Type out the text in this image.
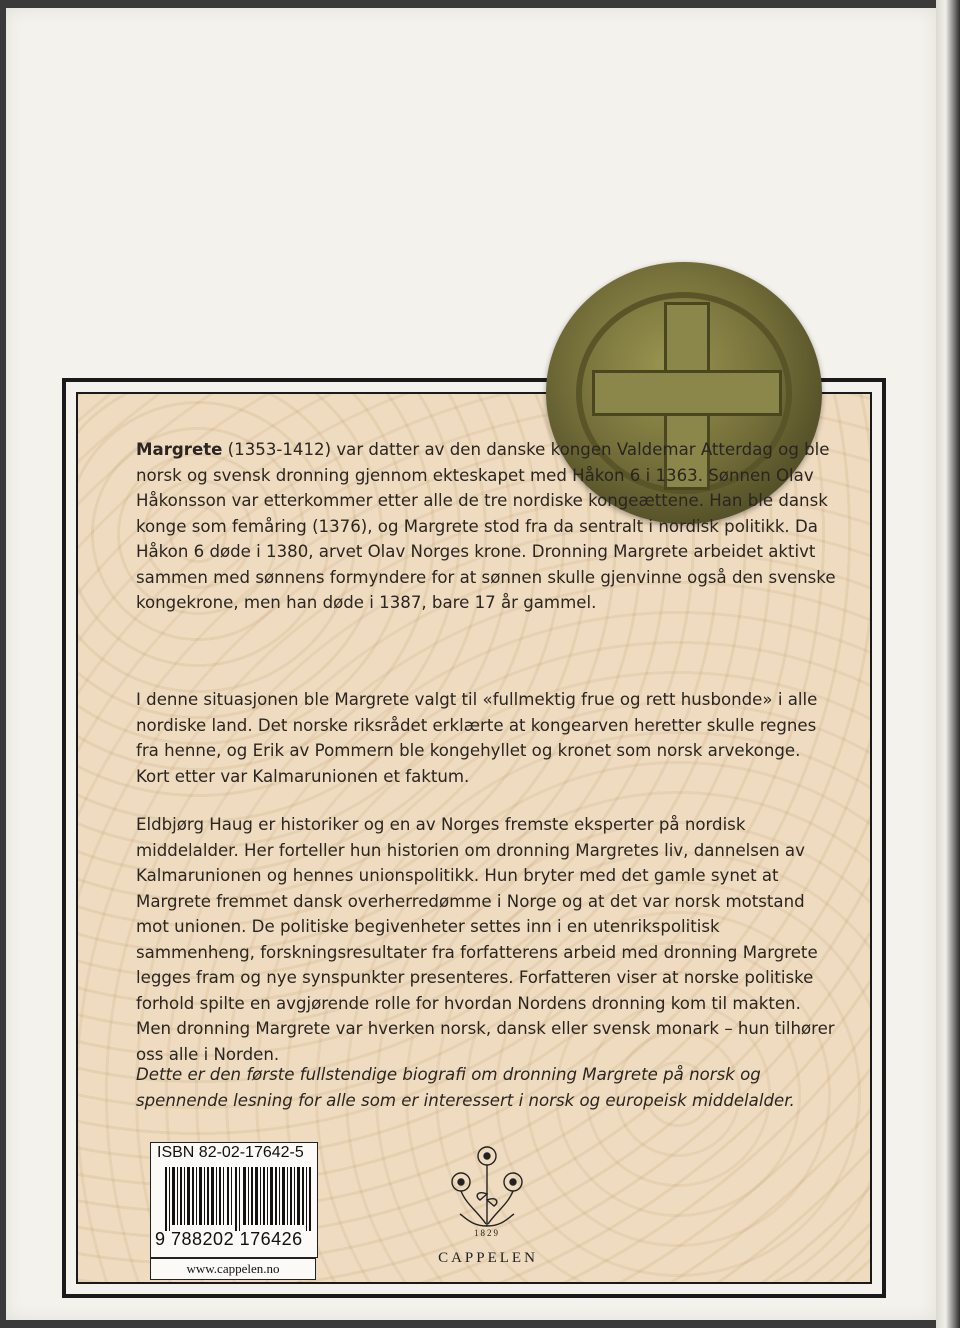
Margrete (1353-1412) var datter av den danske kongen Valdemar Atterdag og ble norsk og svensk dronning gjennom ekteskapet med Håkon 6 i 1363. Sønnen Olav Håkonsson var etterkommer etter alle de tre nordiske kongeættene. Han ble dansk konge som femåring (1376), og Margrete stod fra da sentralt i nordisk politikk. Da Håkon 6 døde i 1380, arvet Olav Norges krone. Dronning Margrete arbeidet aktivt sammen med sønnens formyndere for at sønnen skulle gjenvinne også den svenske kongekrone, men han døde i 1387, bare 17 år gammel.

I denne situasjonen ble Margrete valgt til «fullmektig frue og rett husbonde» i alle nordiske land. Det norske riksrådet erklærte at kongearven heretter skulle regnes fra henne, og Erik av Pommern ble kongehyllet og kronet som norsk arvekonge. Kort etter var Kalmarunionen et faktum.

Eldbjørg Haug er historiker og en av Norges fremste eksperter på nordisk middelalder. Her forteller hun historien om dronning Margretes liv, dannelsen av Kalmarunionen og hennes unionspolitikk. Hun bryter med det gamle synet at Margrete fremmet dansk overherredømme i Norge og at det var norsk motstand mot unionen. De politiske begivenheter settes inn i en utenrikspolitisk sammenheng, forskningsresultater fra forfatterens arbeid med dronning Margrete legges fram og nye synspunkter presenteres. Forfatteren viser at norske politiske forhold spilte en avgjørende rolle for hvordan Nordens dronning kom til makten. Men dronning Margrete var hverken norsk, dansk eller svensk monark – hun tilhører oss alle i Norden.

Dette er den første fullstendige biografi om dronning Margrete på norsk og spennende lesning for alle som er interessert i norsk og europeisk middelalder.

ISBN 82-02-17642-5
9 788202 176426
www.cappelen.no
1829
CAPPELEN
